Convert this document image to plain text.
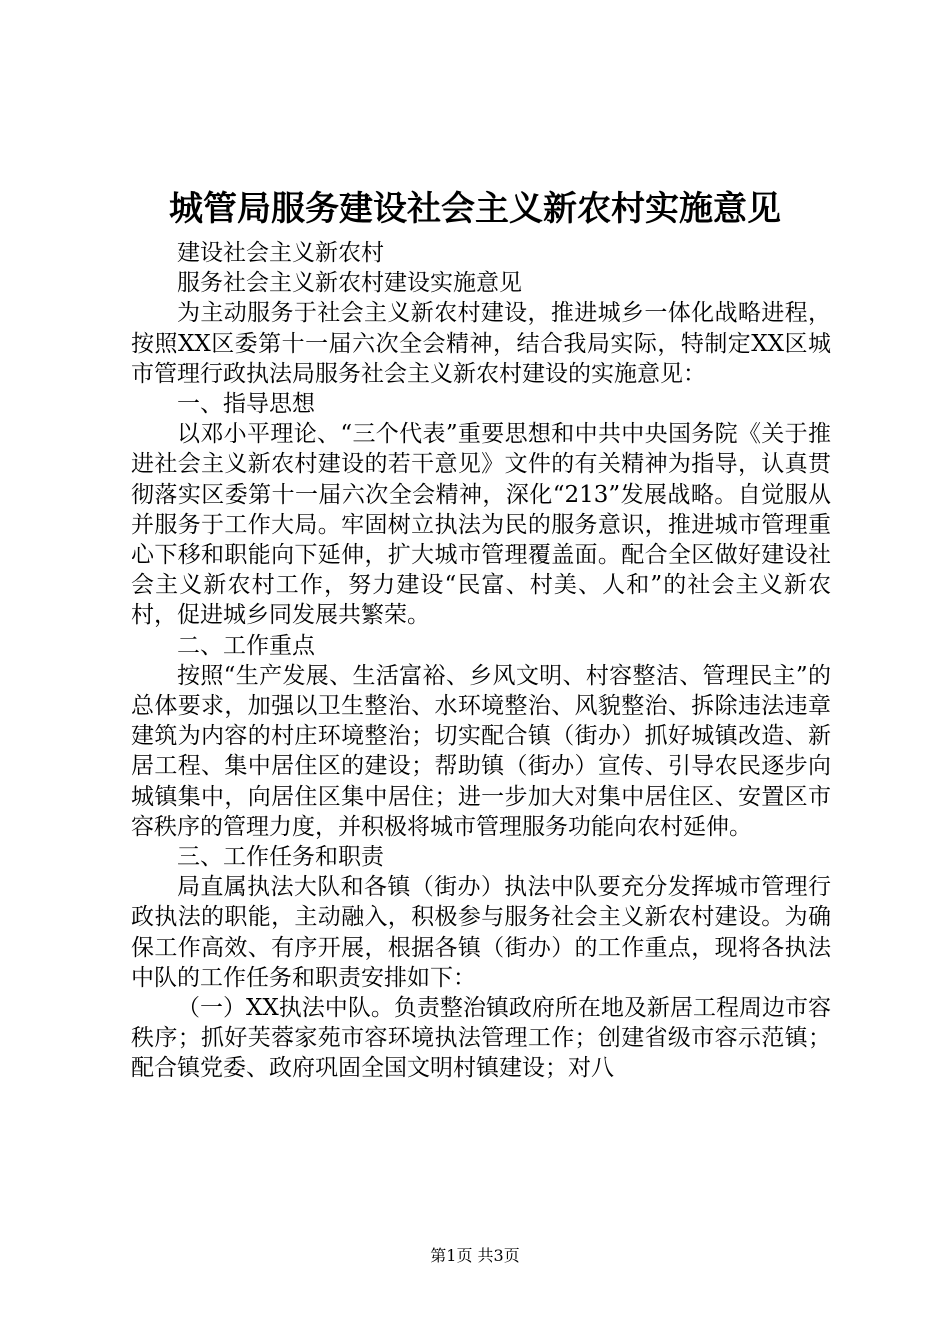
城管局服务建设社会主义新农村实施意见

建设社会主义新农村

服务社会主义新农村建设实施意见

为主动服务于社会主义新农村建设，推进城乡一体化战略进程，按照XX区委第十一届六次全会精神，结合我局实际，特制定XX区城市管理行政执法局服务社会主义新农村建设的实施意见：

一、指导思想

以邓小平理论、“三个代表”重要思想和中共中央国务院《关于推进社会主义新农村建设的若干意见》文件的有关精神为指导，认真贯彻落实区委第十一届六次全会精神，深化“213”发展战略。自觉服从并服务于工作大局。牢固树立执法为民的服务意识，推进城市管理重心下移和职能向下延伸，扩大城市管理覆盖面。配合全区做好建设社会主义新农村工作，努力建设“民富、村美、人和”的社会主义新农村，促进城乡同发展共繁荣。

二、工作重点

按照“生产发展、生活富裕、乡风文明、村容整洁、管理民主”的总体要求，加强以卫生整治、水环境整治、风貌整治、拆除违法违章建筑为内容的村庄环境整治；切实配合镇（街办）抓好城镇改造、新居工程、集中居住区的建设；帮助镇（街办）宣传、引导农民逐步向城镇集中，向居住区集中居住；进一步加大对集中居住区、安置区市容秩序的管理力度，并积极将城市管理服务功能向农村延伸。

三、工作任务和职责

局直属执法大队和各镇（街办）执法中队要充分发挥城市管理行政执法的职能，主动融入，积极参与服务社会主义新农村建设。为确保工作高效、有序开展，根据各镇（街办）的工作重点，现将各执法中队的工作任务和职责安排如下：

（一）XX执法中队。负责整治镇政府所在地及新居工程周边市容秩序；抓好芙蓉家苑市容环境执法管理工作；创建省级市容示范镇；配合镇党委、政府巩固全国文明村镇建设；对八

第1页 共3页
